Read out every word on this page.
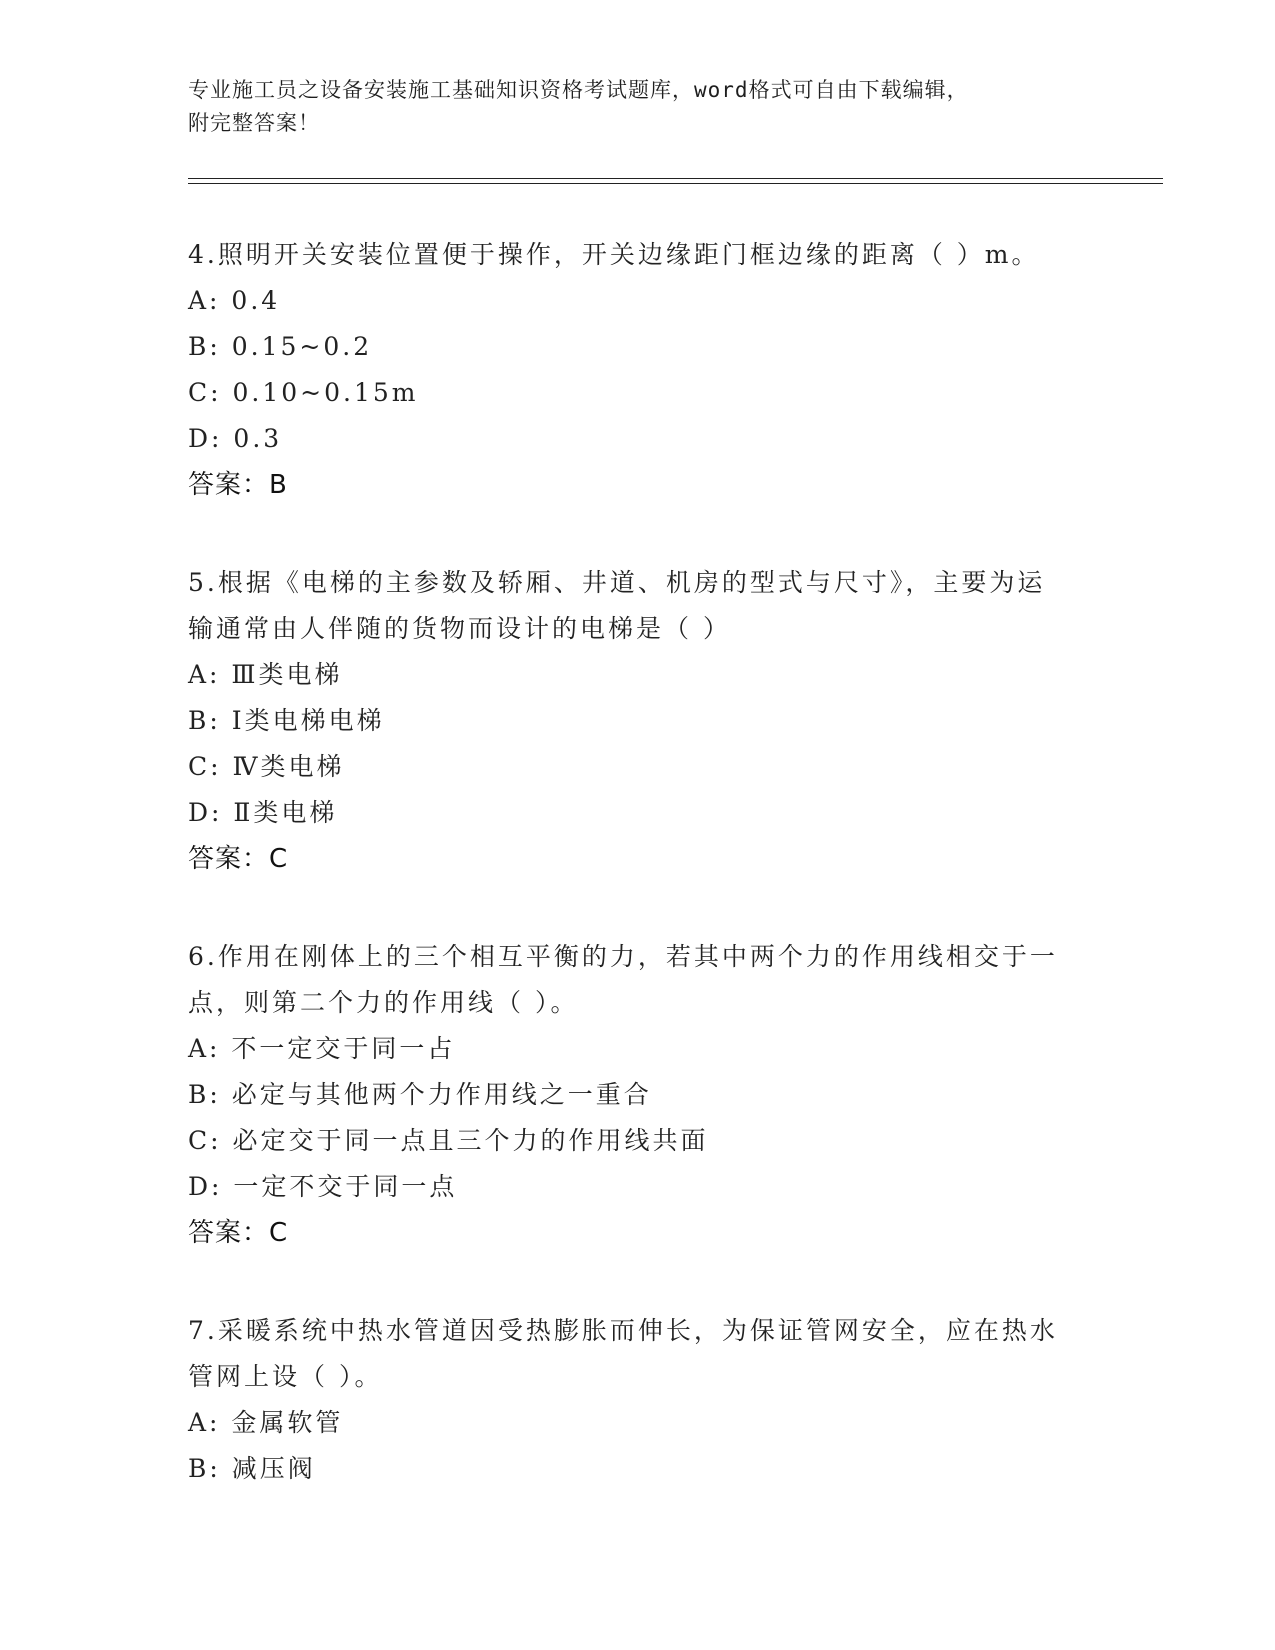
专业施工员之设备安装施工基础知识资格考试题库，word格式可自由下载编辑，
附完整答案！
4.照明开关安装位置便于操作，开关边缘距门框边缘的距离（ ）m。
A: 0.4
B: 0.15~0.2
C: 0.10~0.15m
D: 0.3
答案：B
5.根据《电梯的主参数及轿厢、井道、机房的型式与尺寸》，主要为运输通常由人伴随的货物而设计的电梯是（ ）
A: Ⅲ类电梯
B: Ⅰ类电梯电梯
C: Ⅳ类电梯
D: Ⅱ类电梯
答案：C
6.作用在刚体上的三个相互平衡的力，若其中两个力的作用线相交于一点，则第二个力的作用线（ ）。
A: 不一定交于同一占
B: 必定与其他两个力作用线之一重合
C: 必定交于同一点且三个力的作用线共面
D: 一定不交于同一点
答案：C
7.采暖系统中热水管道因受热膨胀而伸长，为保证管网安全，应在热水管网上设（ ）。
A: 金属软管
B: 减压阀
